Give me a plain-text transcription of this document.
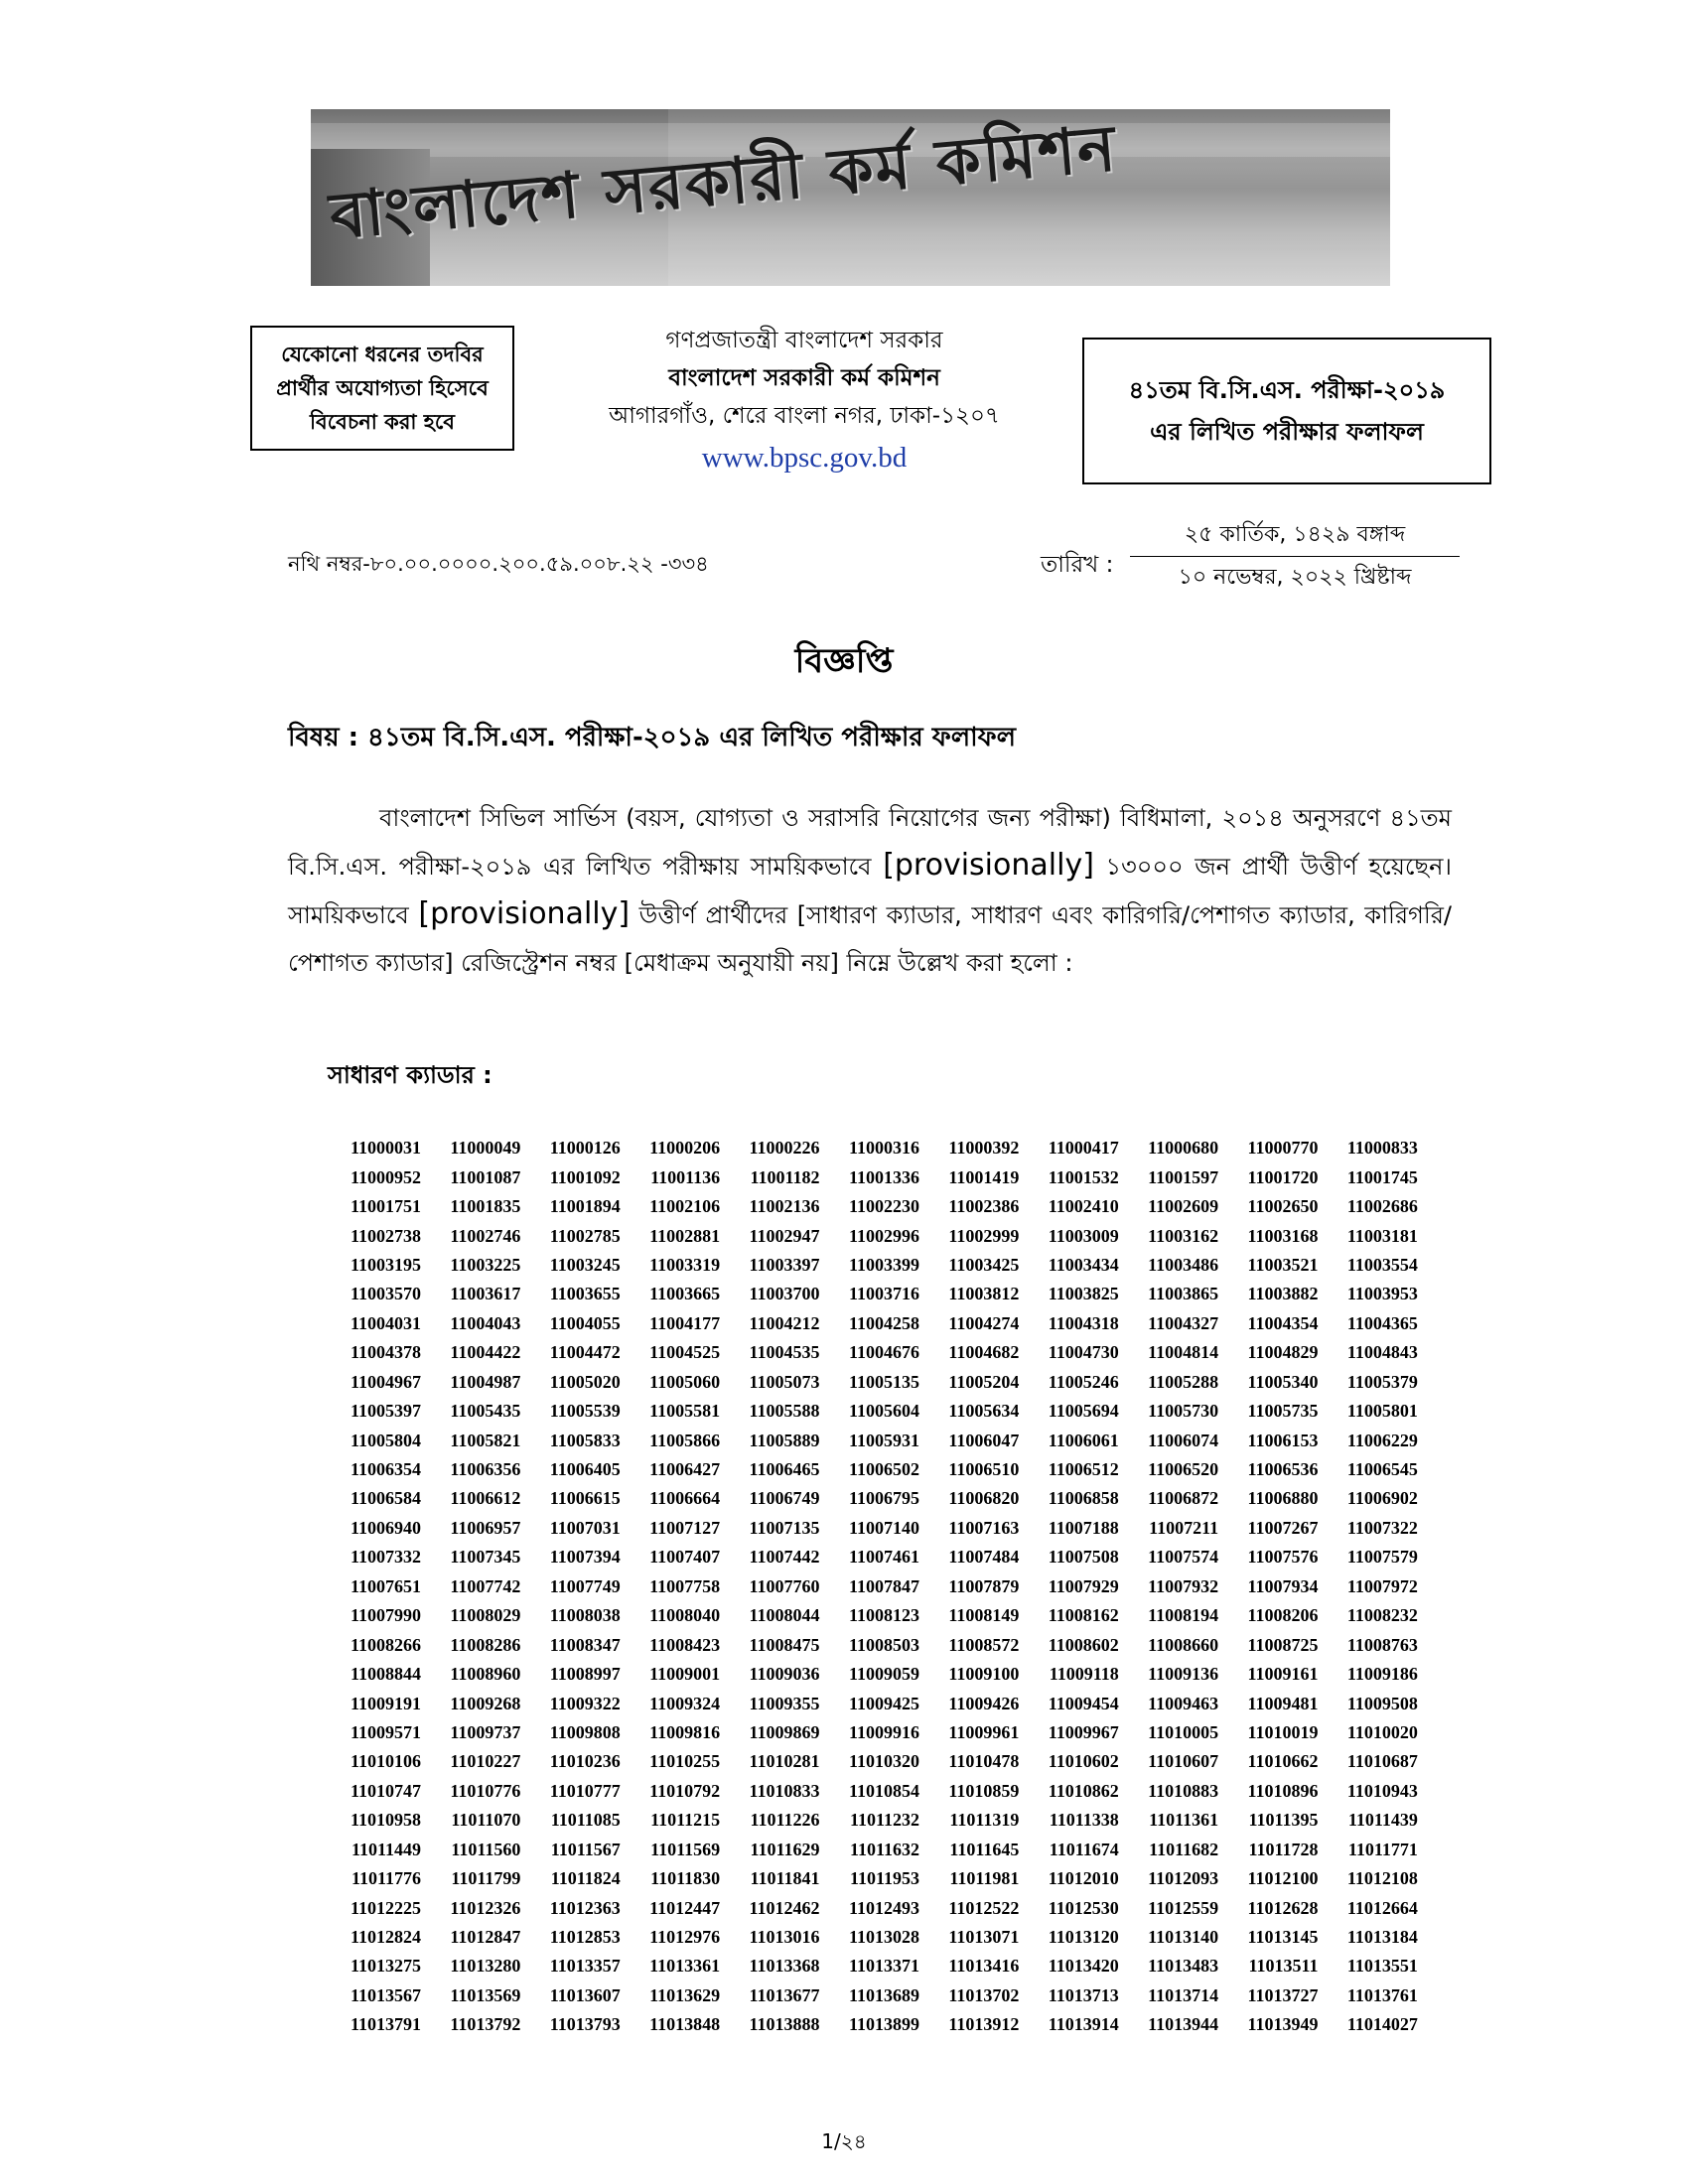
বাংলাদেশ সরকারী কর্ম কমিশন
যেকোনো ধরনের তদবির
প্রার্থীর অযোগ্যতা হিসেবে
বিবেচনা করা হবে
গণপ্রজাতন্ত্রী বাংলাদেশ সরকার
বাংলাদেশ সরকারী কর্ম কমিশন
আগারগাঁও, শেরে বাংলা নগর, ঢাকা-১২০৭
www.bpsc.gov.bd
৪১তম বি.সি.এস. পরীক্ষা-২০১৯
এর লিখিত পরীক্ষার ফলাফল
নথি নম্বর-৮০.০০.০০০০.২০০.৫৯.০০৮.২২ -৩৩৪	তারিখ :
২৫ কার্তিক, ১৪২৯ বঙ্গাব্দ
১০ নভেম্বর, ২০২২ খ্রিষ্টাব্দ
বিজ্ঞপ্তি
বিষয় : ৪১তম বি.সি.এস. পরীক্ষা-২০১৯ এর লিখিত পরীক্ষার ফলাফল
বাংলাদেশ সিভিল সার্ভিস (বয়স, যোগ্যতা ও সরাসরি নিয়োগের জন্য পরীক্ষা) বিধিমালা, ২০১৪ অনুসরণে ৪১তম বি.সি.এস. পরীক্ষা-২০১৯ এর লিখিত পরীক্ষায় সাময়িকভাবে [provisionally] ১৩০০০ জন প্রার্থী উত্তীর্ণ হয়েছেন। সাময়িকভাবে [provisionally] উত্তীর্ণ প্রার্থীদের [সাধারণ ক্যাডার, সাধারণ এবং কারিগরি/পেশাগত ক্যাডার, কারিগরি/পেশাগত ক্যাডার] রেজিস্ট্রেশন নম্বর [মেধাক্রম অনুযায়ী নয়] নিম্নে উল্লেখ করা হলো :
সাধারণ ক্যাডার :
11000031	11000049	11000126	11000206	11000226	11000316	11000392	11000417	11000680	11000770	11000833
11000952	11001087	11001092	11001136	11001182	11001336	11001419	11001532	11001597	11001720	11001745
11001751	11001835	11001894	11002106	11002136	11002230	11002386	11002410	11002609	11002650	11002686
11002738	11002746	11002785	11002881	11002947	11002996	11002999	11003009	11003162	11003168	11003181
11003195	11003225	11003245	11003319	11003397	11003399	11003425	11003434	11003486	11003521	11003554
11003570	11003617	11003655	11003665	11003700	11003716	11003812	11003825	11003865	11003882	11003953
11004031	11004043	11004055	11004177	11004212	11004258	11004274	11004318	11004327	11004354	11004365
11004378	11004422	11004472	11004525	11004535	11004676	11004682	11004730	11004814	11004829	11004843
11004967	11004987	11005020	11005060	11005073	11005135	11005204	11005246	11005288	11005340	11005379
11005397	11005435	11005539	11005581	11005588	11005604	11005634	11005694	11005730	11005735	11005801
11005804	11005821	11005833	11005866	11005889	11005931	11006047	11006061	11006074	11006153	11006229
11006354	11006356	11006405	11006427	11006465	11006502	11006510	11006512	11006520	11006536	11006545
11006584	11006612	11006615	11006664	11006749	11006795	11006820	11006858	11006872	11006880	11006902
11006940	11006957	11007031	11007127	11007135	11007140	11007163	11007188	11007211	11007267	11007322
11007332	11007345	11007394	11007407	11007442	11007461	11007484	11007508	11007574	11007576	11007579
11007651	11007742	11007749	11007758	11007760	11007847	11007879	11007929	11007932	11007934	11007972
11007990	11008029	11008038	11008040	11008044	11008123	11008149	11008162	11008194	11008206	11008232
11008266	11008286	11008347	11008423	11008475	11008503	11008572	11008602	11008660	11008725	11008763
11008844	11008960	11008997	11009001	11009036	11009059	11009100	11009118	11009136	11009161	11009186
11009191	11009268	11009322	11009324	11009355	11009425	11009426	11009454	11009463	11009481	11009508
11009571	11009737	11009808	11009816	11009869	11009916	11009961	11009967	11010005	11010019	11010020
11010106	11010227	11010236	11010255	11010281	11010320	11010478	11010602	11010607	11010662	11010687
11010747	11010776	11010777	11010792	11010833	11010854	11010859	11010862	11010883	11010896	11010943
11010958	11011070	11011085	11011215	11011226	11011232	11011319	11011338	11011361	11011395	11011439
11011449	11011560	11011567	11011569	11011629	11011632	11011645	11011674	11011682	11011728	11011771
11011776	11011799	11011824	11011830	11011841	11011953	11011981	11012010	11012093	11012100	11012108
11012225	11012326	11012363	11012447	11012462	11012493	11012522	11012530	11012559	11012628	11012664
11012824	11012847	11012853	11012976	11013016	11013028	11013071	11013120	11013140	11013145	11013184
11013275	11013280	11013357	11013361	11013368	11013371	11013416	11013420	11013483	11013511	11013551
11013567	11013569	11013607	11013629	11013677	11013689	11013702	11013713	11013714	11013727	11013761
11013791	11013792	11013793	11013848	11013888	11013899	11013912	11013914	11013944	11013949	11014027
1/২৪
